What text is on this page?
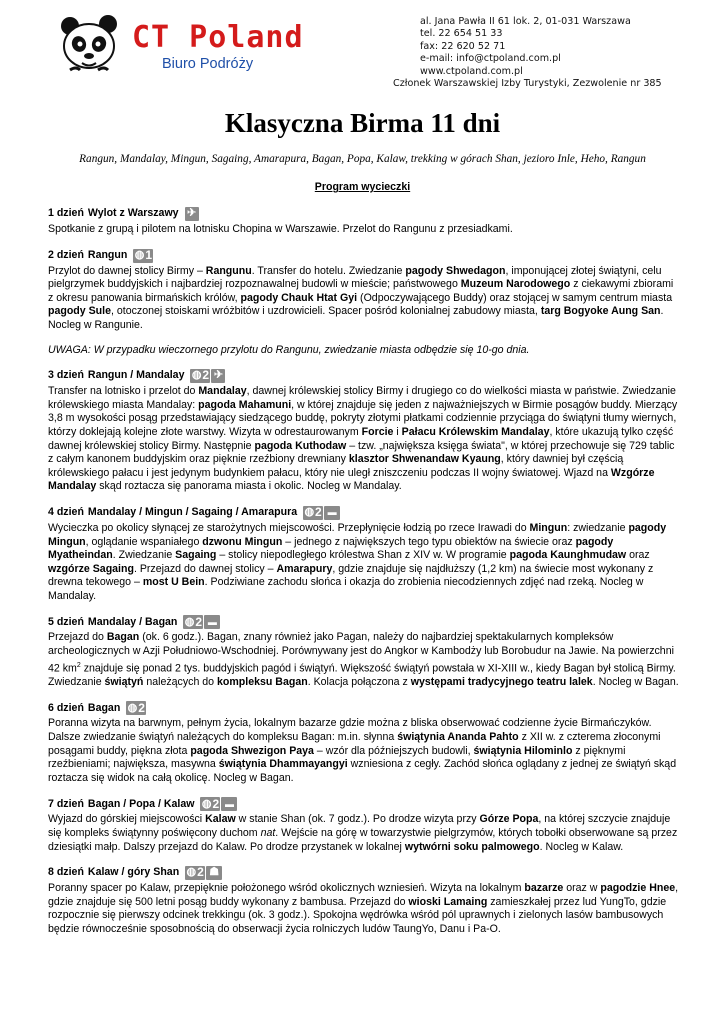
CT Poland
Biuro Podróży
al. Jana Pawła II 61 lok. 2, 01-031 Warszawa
tel. 22 654 51 33
fax: 22 620 52 71
e-mail: info@ctpoland.com.pl
www.ctpoland.com.pl
Członek Warszawskiej Izby Turystyki, Zezwolenie nr 385
Klasyczna Birma 11 dni
Rangun, Mandalay, Mingun, Sagaing, Amarapura, Bagan, Popa, Kalaw, trekking w górach Shan, jezioro Inle, Heho, Rangun
Program wycieczki
1 dzień Wylot z Warszawy ✈

Spotkanie z grupą i pilotem na lotnisku Chopina w Warszawie. Przelot do Rangunu z przesiadkami.

2 dzień Rangun ◍ 1

Przylot do dawnej stolicy Birmy – Rangunu. Transfer do hotelu. Zwiedzanie pagody Shwedagon, imponującej złotej świątyni, celu pielgrzymek buddyjskich i najbardziej rozpoznawalnej budowli w mieście; państwowego Muzeum Narodowego z ciekawymi zbiorami z okresu panowania birmańskich królów, pagody Chauk Htat Gyi (Odpoczywającego Buddy) oraz stojącej w samym centrum miasta pagody Sule, otoczonej stoiskami wróżbitów i uzdrowicieli. Spacer pośród kolonialnej zabudowy miasta, targ Bogyoke Aung San. Nocleg w Rangunie.

UWAGA: W przypadku wieczornego przylotu do Rangunu, zwiedzanie miasta odbędzie się 10-go dnia.

3 dzień Rangun / Mandalay ◍ 2 ✈

Transfer na lotnisko i przelot do Mandalay, dawnej królewskiej stolicy Birmy i drugiego co do wielkości miasta w państwie. Zwiedzanie królewskiego miasta Mandalay: pagoda Mahamuni, w której znajduje się jeden z najważniejszych w Birmie posągów buddy. Mierzący 3,8 m wysokości posąg przedstawiający siedzącego buddę, pokryty złotymi płatkami codziennie przyciąga do świątyni tłumy wiernych, którzy doklejają kolejne złote warstwy. Wizyta w odrestaurowanym Forcie i Pałacu Królewskim Mandalay, które ukazują tylko część dawnej królewskiej stolicy Birmy. Następnie pagoda Kuthodaw – tzw. „największa księga świata", w której przechowuje się 729 tablic z całym kanonem buddyjskim oraz pięknie rzeźbiony drewniany klasztor Shwenandaw Kyaung, który dawniej był częścią królewskiego pałacu i jest jedynym budynkiem pałacu, który nie uległ zniszczeniu podczas II wojny światowej. Wjazd na Wzgórze Mandalay skąd roztacza się panorama miasta i okolic. Nocleg w Mandalay.

4 dzień Mandalay / Mingun / Sagaing / Amarapura ◍ 2 ▬

Wycieczka po okolicy słynącej ze starożytnych miejscowości. Przepłynięcie łodzią po rzece Irawadi do Mingun: zwiedzanie pagody Mingun, oglądanie wspaniałego dzwonu Mingun – jednego z największych tego typu obiektów na świecie oraz pagody Myatheindan. Zwiedzanie Sagaing – stolicy niepodległego królestwa Shan z XIV w. W programie pagoda Kaunghmudaw oraz wzgórze Sagaing. Przejazd do dawnej stolicy – Amarapury, gdzie znajduje się najdłuższy (1,2 km) na świecie most wykonany z drewna tekowego – most U Bein. Podziwiane zachodu słońca i okazja do zrobienia niecodziennych zdjęć nad rzeką. Nocleg w Mandalay.

5 dzień Mandalay / Bagan ◍ 2 ▬

Przejazd do Bagan (ok. 6 godz.). Bagan, znany również jako Pagan, należy do najbardziej spektakularnych kompleksów archeologicznych w Azji Południowo-Wschodniej. Porównywany jest do Angkor w Kambodży lub Borobudur na Jawie. Na powierzchni 42 $km^2$ znajduje się ponad 2 tys. buddyjskich pagód i świątyń. Większość świątyń powstała w XI-XIII w., kiedy Bagan był stolicą Birmy. Zwiedzanie świątyń należących do kompleksu Bagan. Kolacja połączona z występami tradycyjnego teatru lalek. Nocleg w Bagan.

6 dzień Bagan ◍ 2

Poranna wizyta na barwnym, pełnym życia, lokalnym bazarze gdzie można z bliska obserwować codzienne życie Birmańczyków. Dalsze zwiedzanie świątyń należących do kompleksu Bagan: m.in. słynna świątynia Ananda Pahto z XII w. z czterema złoconymi posągami buddy, piękna złota pagoda Shwezigon Paya – wzór dla późniejszych budowli, świątynia Hilominlo z pięknymi rzeźbieniami; największa, masywna świątynia Dhammayangyi wzniesiona z cegły. Zachód słońca oglądany z jednej ze świątyń skąd roztacza się widok na całą okolicę. Nocleg w Bagan.

7 dzień Bagan / Popa / Kalaw ◍ 2 ▬

Wyjazd do górskiej miejscowości Kalaw w stanie Shan (ok. 7 godz.). Po drodze wizyta przy Górze Popa, na której szczycie znajduje się kompleks świątynny poświęcony duchom nat. Wejście na górę w towarzystwie pielgrzymów, których tobołki obserwowane są przez dziesiątki małp. Dalszy przejazd do Kalaw. Po drodze przystanek w lokalnej wytwórni soku palmowego. Nocleg w Kalaw.

8 dzień Kalaw / góry Shan ◍ 2 ☗

Poranny spacer po Kalaw, przepięknie położonego wśród okolicznych wzniesień. Wizyta na lokalnym bazarze oraz w pagodzie Hnee, gdzie znajduje się 500 letni posąg buddy wykonany z bambusa. Przejazd do wioski Lamaing zamieszkałej przez lud YungTo, gdzie rozpocznie się pierwszy odcinek trekkingu (ok. 3 godz.). Spokojna wędrówka wśród pól uprawnych i zielonych lasów bambusowych będzie równocześnie sposobnością do obserwacji życia rolniczych ludów TaungYo, Danu i Pa-O.
